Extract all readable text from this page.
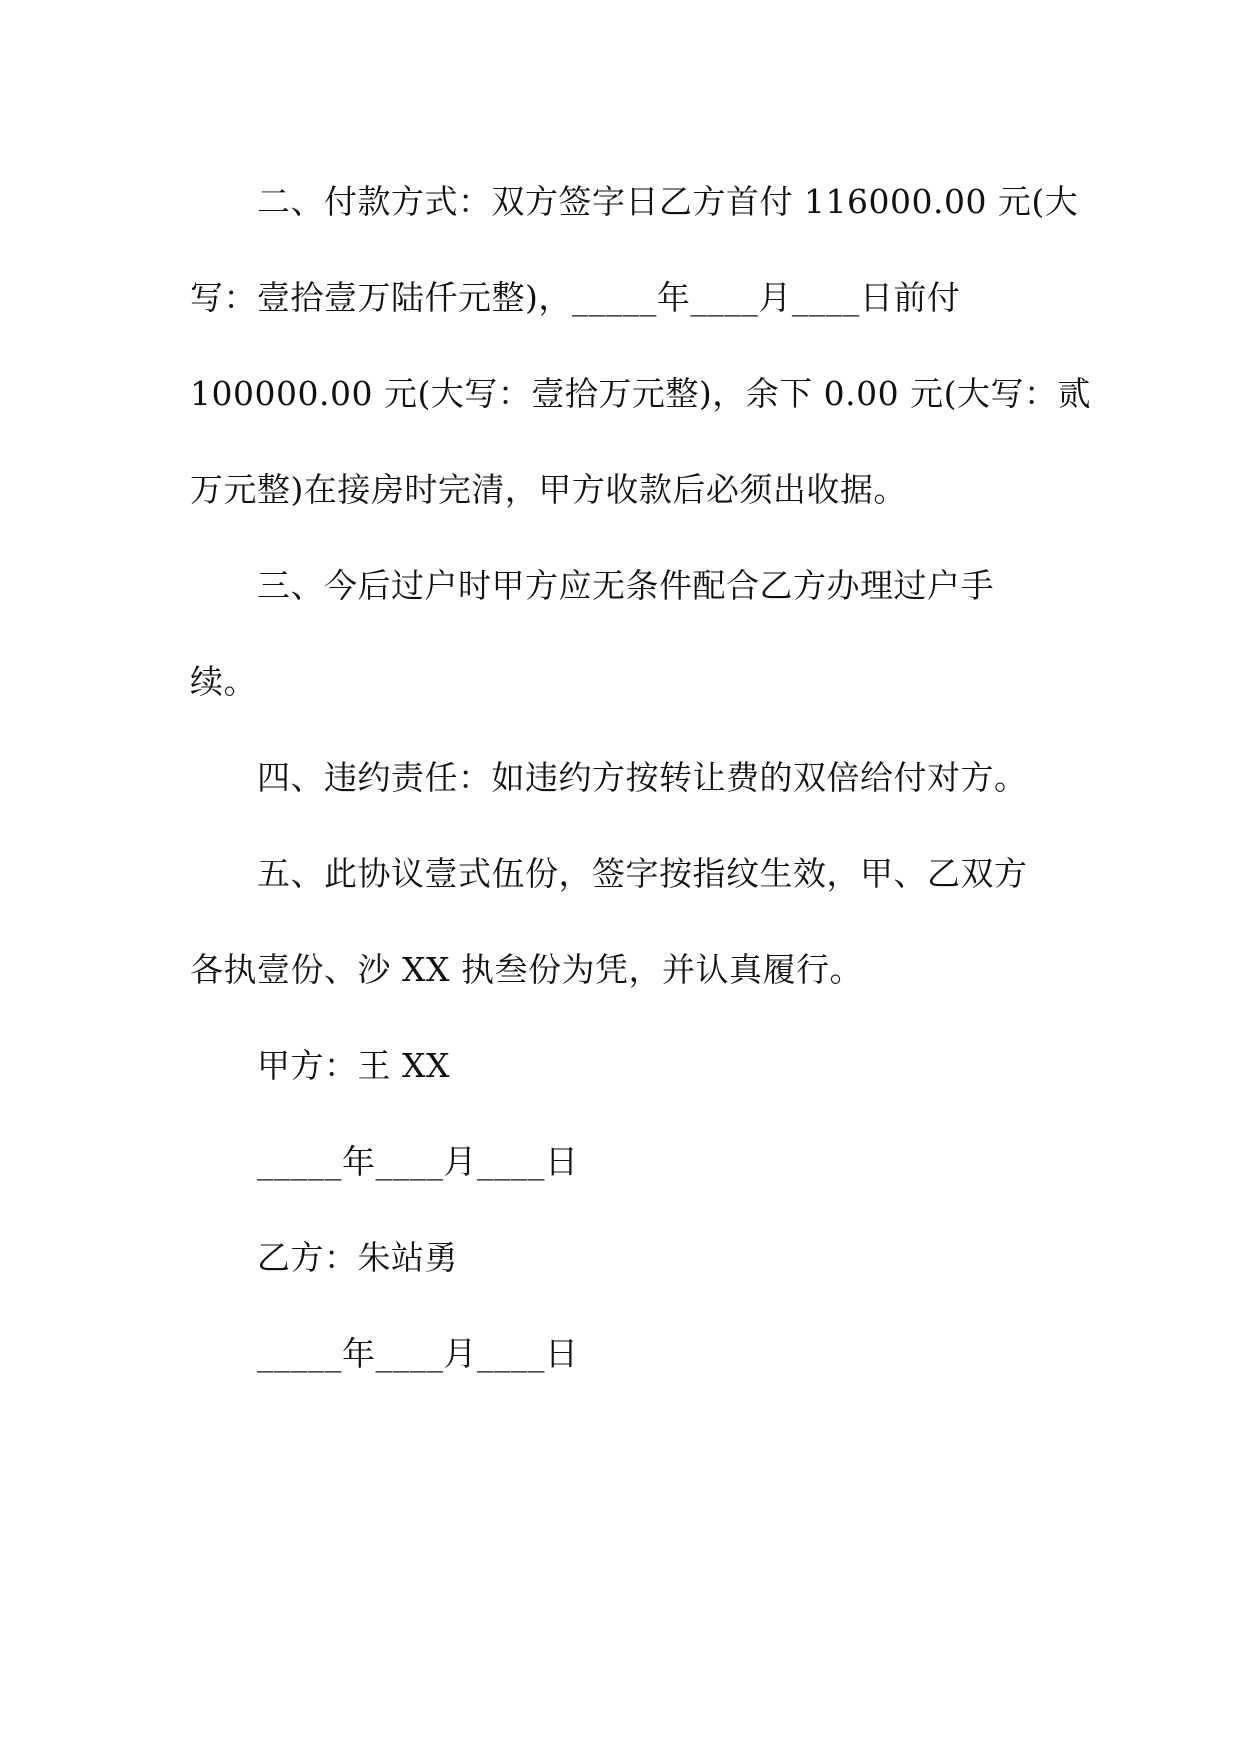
二、付款方式：双方签字日乙方首付 116000.00 元(大
写：壹拾壹万陆仟元整)，_____年____月____日前付
100000.00 元(大写：壹拾万元整)，余下 0.00 元(大写：贰
万元整)在接房时完清，甲方收款后必须出收据。
三、今后过户时甲方应无条件配合乙方办理过户手
续。
四、违约责任：如违约方按转让费的双倍给付对方。
五、此协议壹式伍份，签字按指纹生效，甲、乙双方
各执壹份、沙 XX 执叁份为凭，并认真履行。
甲方：王 XX
_____年____月____日
乙方：朱站勇
_____年____月____日
